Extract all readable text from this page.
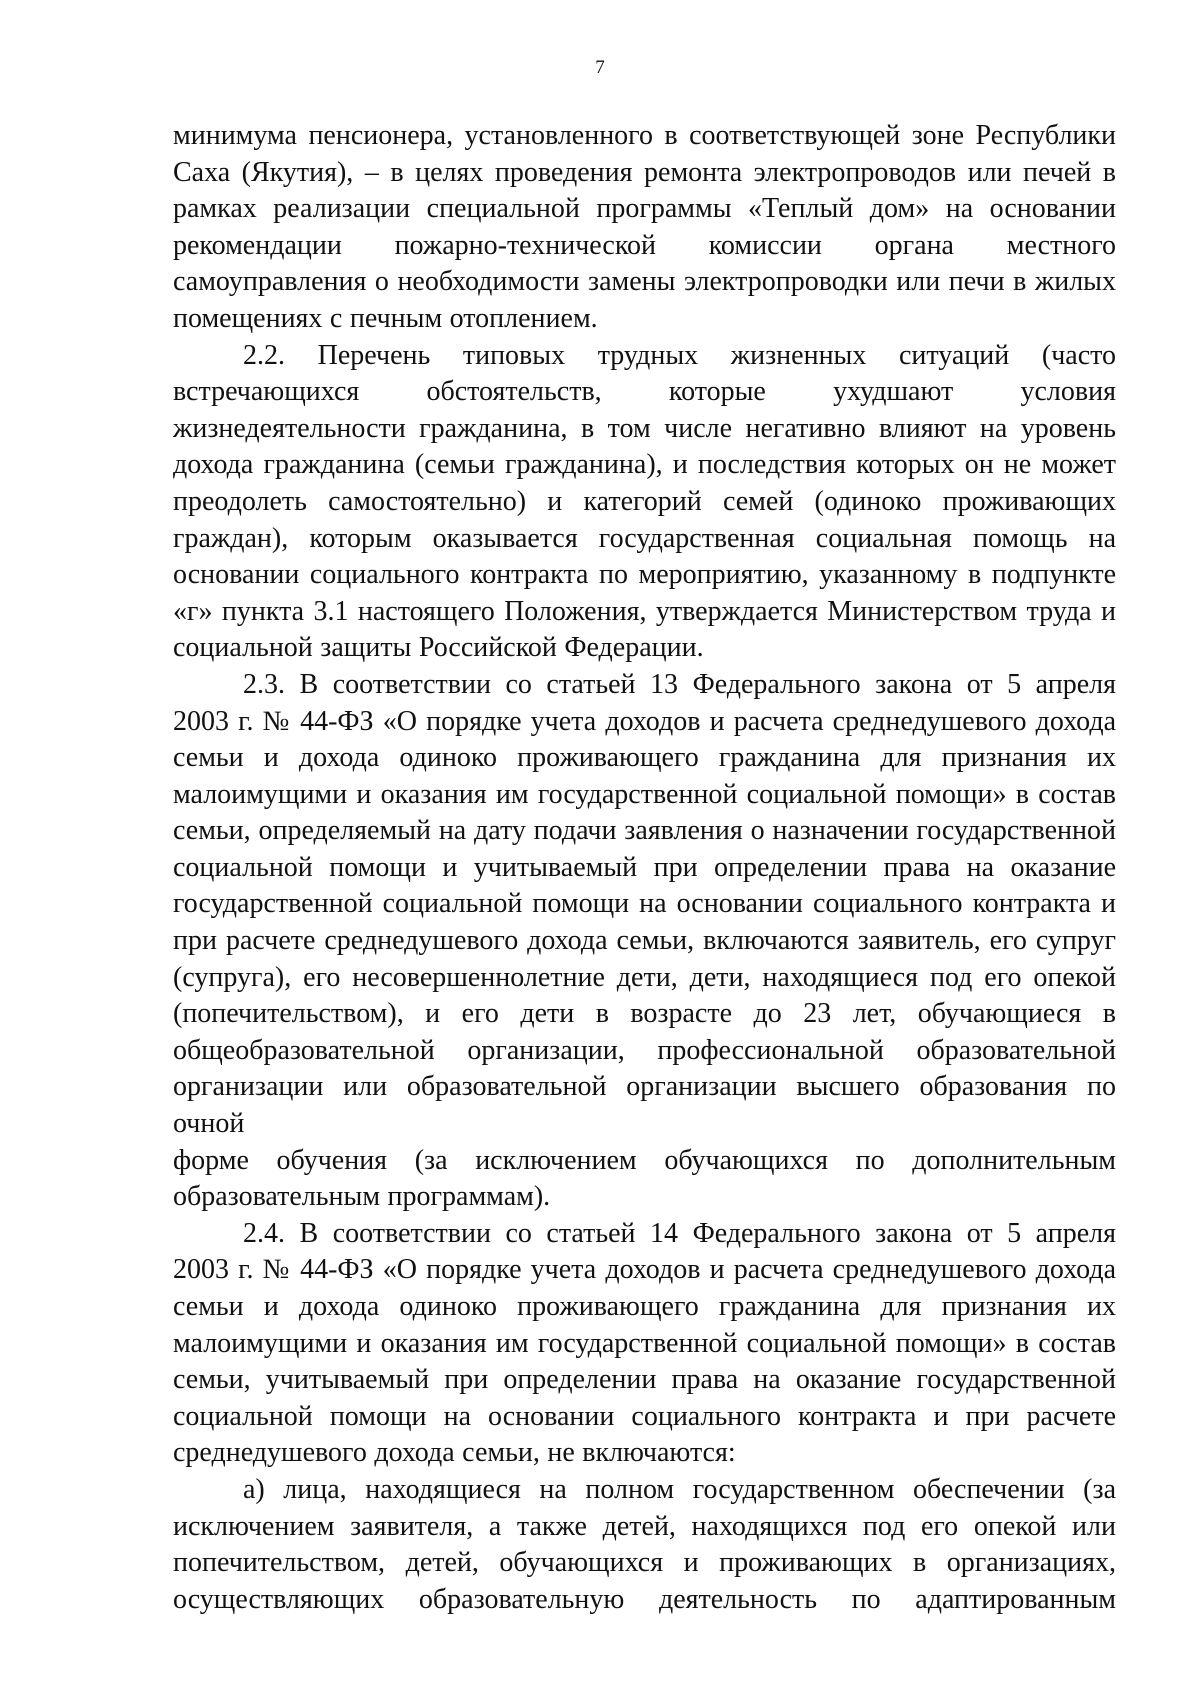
7

минимума пенсионера, установленного в соответствующей зоне Республики

Саха (Якутия), – в целях проведения ремонта электропроводов или печей в

рамках реализации специальной программы «Теплый дом» на основании

рекомендации пожарно-технической комиссии органа местного

самоуправления о необходимости замены электропроводки или печи в жилых

помещениях с печным отоплением.

2.2. Перечень типовых трудных жизненных ситуаций (часто

встречающихся обстоятельств, которые ухудшают условия

жизнедеятельности гражданина, в том числе негативно влияют на уровень

дохода гражданина (семьи гражданина), и последствия которых он не может

преодолеть самостоятельно) и категорий семей (одиноко проживающих

граждан), которым оказывается государственная социальная помощь на

основании социального контракта по мероприятию, указанному в подпункте

«г» пункта 3.1 настоящего Положения, утверждается Министерством труда и

социальной защиты Российской Федерации.

2.3. В соответствии со статьей 13 Федерального закона от 5 апреля

2003 г. № 44-ФЗ «О порядке учета доходов и расчета среднедушевого дохода

семьи и дохода одиноко проживающего гражданина для признания их

малоимущими и оказания им государственной социальной помощи» в состав

семьи, определяемый на дату подачи заявления о назначении государственной

социальной помощи и учитываемый при определении права на оказание

государственной социальной помощи на основании социального контракта и

при расчете среднедушевого дохода семьи, включаются заявитель, его супруг

(супруга), его несовершеннолетние дети, дети, находящиеся под его опекой

(попечительством), и его дети в возрасте до 23 лет, обучающиеся в

общеобразовательной организации, профессиональной образовательной

организации или образовательной организации высшего образования по очной

форме обучения (за исключением обучающихся по дополнительным

образовательным программам).

2.4. В соответствии со статьей 14 Федерального закона от 5 апреля

2003 г. № 44-ФЗ «О порядке учета доходов и расчета среднедушевого дохода

семьи и дохода одиноко проживающего гражданина для признания их

малоимущими и оказания им государственной социальной помощи» в состав

семьи, учитываемый при определении права на оказание государственной

социальной помощи на основании социального контракта и при расчете

среднедушевого дохода семьи, не включаются:

а) лица, находящиеся на полном государственном обеспечении (за

исключением заявителя, а также детей, находящихся под его опекой или

попечительством, детей, обучающихся и проживающих в организациях,

осуществляющих образовательную деятельность по адаптированным
